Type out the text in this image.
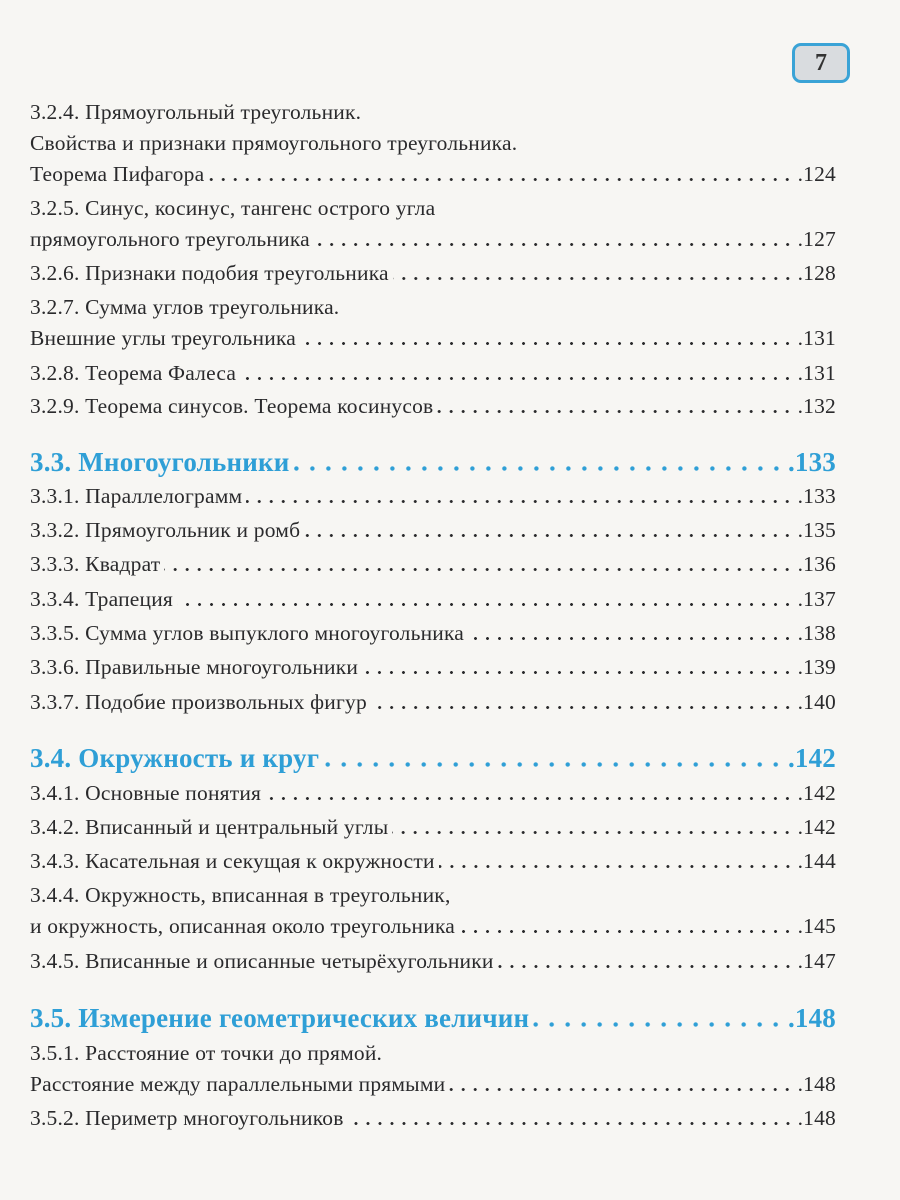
7
3.2.4. Прямоугольный треугольник.
Свойства и признаки прямоугольного треугольника.
Теорема Пифагора	.124
3.2.5. Синус, косинус, тангенс острого угла
прямоугольного треугольника	.127
3.2.6. Признаки подобия треугольника	.128
3.2.7. Сумма углов треугольника.
Внешние углы треугольника	.131
3.2.8. Теорема Фалеса	.131
3.2.9. Теорема синусов. Теорема косинусов	.132
3.3. Многоугольники	.133
3.3.1. Параллелограмм	.133
3.3.2. Прямоугольник и ромб	.135
3.3.3. Квадрат	.136
3.3.4. Трапеция	.137
3.3.5. Сумма углов выпуклого многоугольника	.138
3.3.6. Правильные многоугольники	.139
3.3.7. Подобие произвольных фигур	.140
3.4. Окружность и круг	.142
3.4.1. Основные понятия	.142
3.4.2. Вписанный и центральный углы	.142
3.4.3. Касательная и секущая к окружности	.144
3.4.4. Окружность, вписанная в треугольник,
и окружность, описанная около треугольника	.145
3.4.5. Вписанные и описанные четырёхугольники	.147
3.5. Измерение геометрических величин	.148
3.5.1. Расстояние от точки до прямой.
Расстояние между параллельными прямыми	.148
3.5.2. Периметр многоугольников	.148
